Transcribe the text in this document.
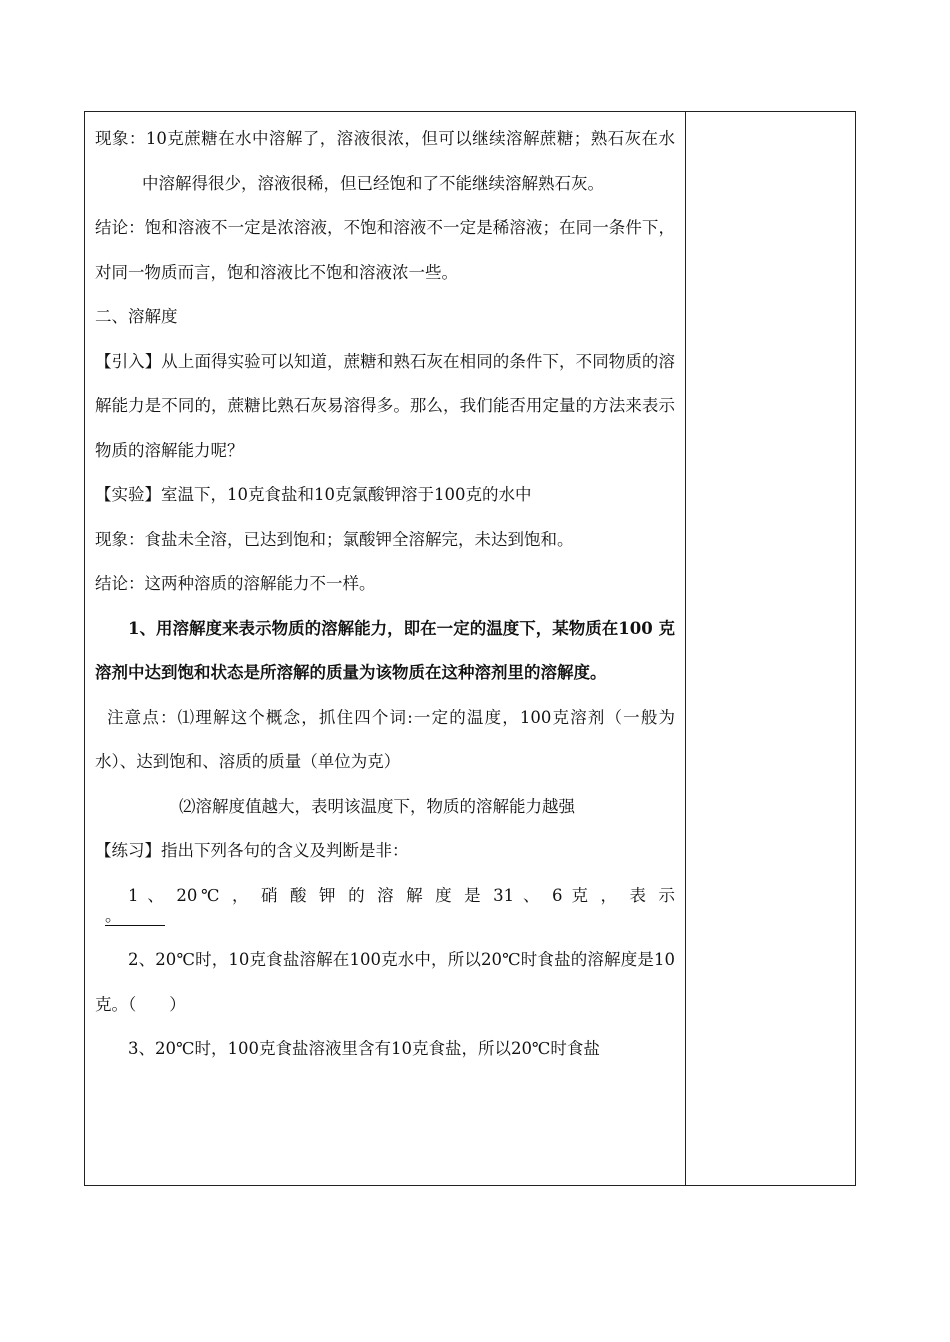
现象：10克蔗糖在水中溶解了，溶液很浓，但可以继续溶解蔗糖；熟石灰在水中溶解得很少，溶液很稀，但已经饱和了不能继续溶解熟石灰。

结论：饱和溶液不一定是浓溶液，不饱和溶液不一定是稀溶液；在同一条件下，对同一物质而言，饱和溶液比不饱和溶液浓一些。

二、溶解度

【引入】从上面得实验可以知道，蔗糖和熟石灰在相同的条件下，不同物质的溶解能力是不同的，蔗糖比熟石灰易溶得多。那么，我们能否用定量的方法来表示物质的溶解能力呢？

【实验】室温下，10克食盐和10克氯酸钾溶于100克的水中

现象：食盐未全溶，已达到饱和；氯酸钾全溶解完，未达到饱和。

结论：这两种溶质的溶解能力不一样。

1、用溶解度来表示物质的溶解能力，即在一定的温度下，某物质在100 克溶剂中达到饱和状态是所溶解的质量为该物质在这种溶剂里的溶解度。

注意点：⑴理解这个概念，抓住四个词:一定的温度，100克溶剂（一般为水）、达到饱和、溶质的质量（单位为克）

⑵溶解度值越大，表明该温度下，物质的溶解能力越强

【练习】指出下列各句的含义及判断是非：

1 、 20℃ ， 硝 酸 钾 的 溶 解 度 是 31 、 6 克 ， 表 示

。

2、20℃时，10克食盐溶解在100克水中，所以20℃时食盐的溶解度是10克。（　　）

3、20℃时，100克食盐溶液里含有10克食盐，所以20℃时食盐
